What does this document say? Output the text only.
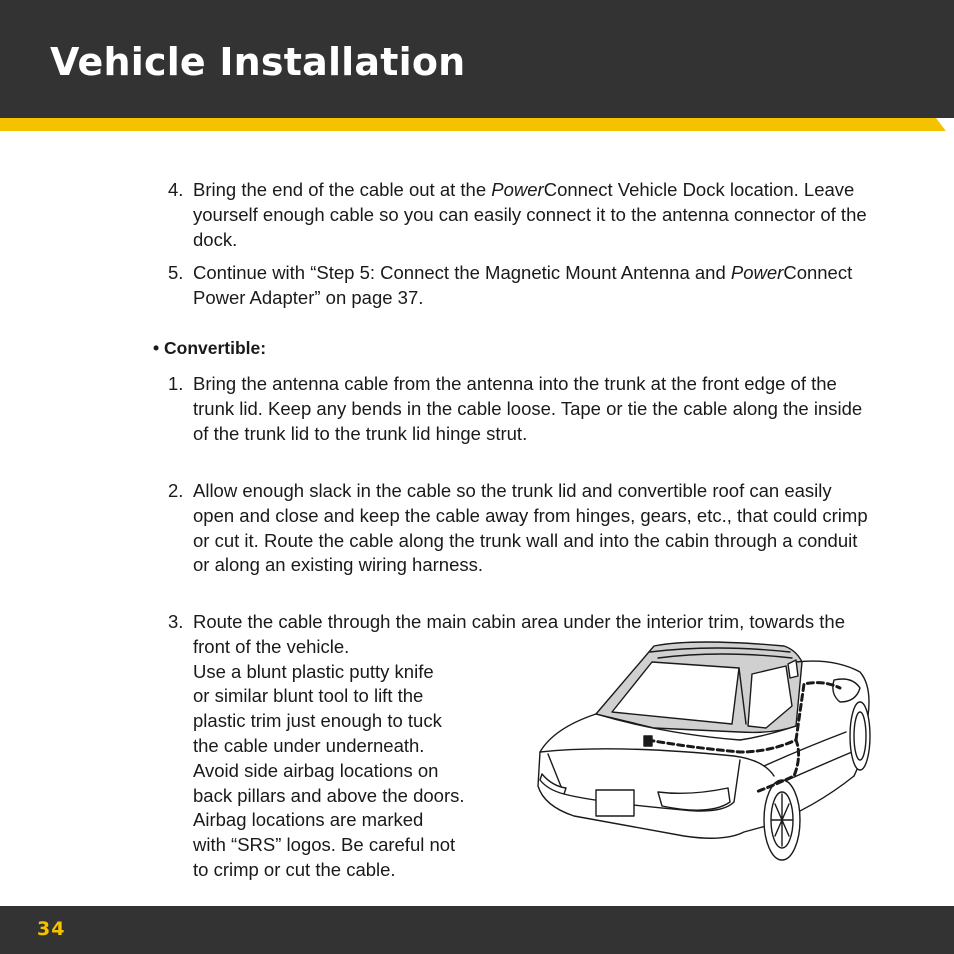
Vehicle Installation
4. Bring the end of the cable out at the PowerConnect Vehicle Dock location. Leave yourself enough cable so you can easily connect it to the antenna connector of the dock.
5. Continue with “Step 5: Connect the Magnetic Mount Antenna and PowerConnect Power Adapter” on page 37.
• Convertible:
1. Bring the antenna cable from the antenna into the trunk at the front edge of the trunk lid. Keep any bends in the cable loose. Tape or tie the cable along the inside of the trunk lid to the trunk lid hinge strut.
2. Allow enough slack in the cable so the trunk lid and convertible roof can easily open and close and keep the cable away from hinges, gears, etc., that could crimp or cut it. Route the cable along the trunk wall and into the cabin through a conduit or along an existing wiring harness.
3. Route the cable through the main cabin area under the interior trim, towards the front of the vehicle.
Use a blunt plastic putty knife
or similar blunt tool to lift the
plastic trim just enough to tuck
the cable under underneath.
Avoid side airbag locations on
back pillars and above the doors.
Airbag locations are marked
with “SRS” logos. Be careful not
to crimp or cut the cable.
34
